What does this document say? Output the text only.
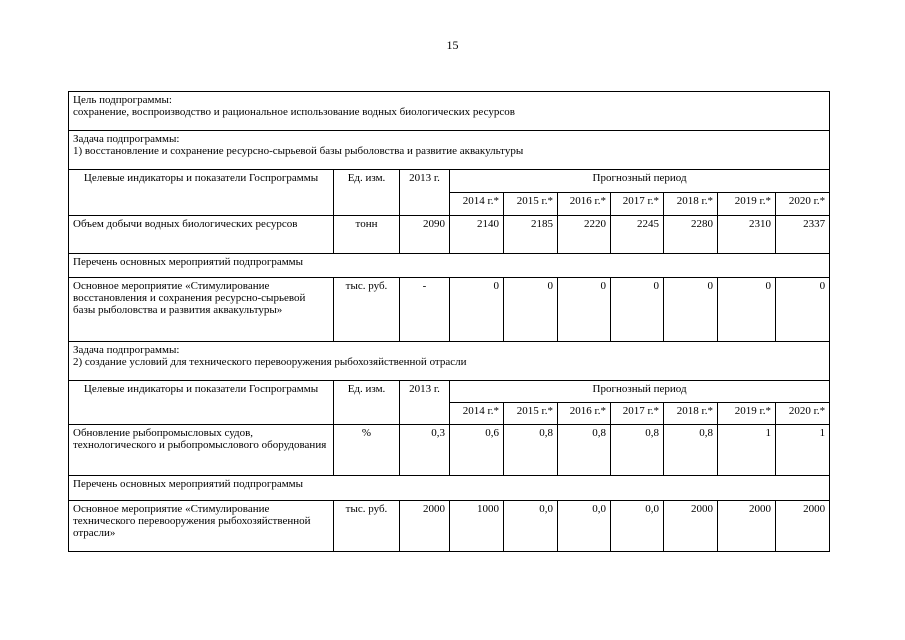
15
Цель подпрограммы:
сохранение, воспроизводство и рациональное использование водных биологических ресурсов									

Задача подпрограммы:
1) восстановление и сохранение ресурсно-сырьевой базы рыболовства и развитие аквакультуры									

Целевые индикаторы и показатели Госпрограммы	Ед. изм.	2013 г.	Прогнозный период						
			2014 г.*	2015 г.*	2016 г.*	2017 г.*	2018 г.*	2019 г.*	2020 г.*
Объем добычи водных биологических ресурсов	тонн	2090	2140	2185	2220	2245	2280	2310	2337
Перечень основных мероприятий подпрограммы									
Основное мероприятие «Стимулирование восстановления и сохранения ресурсно-сырьевой базы рыболовства и развития аквакультуры»	тыс. руб.	-	0	0	0	0	0	0	0

Задача подпрограммы:
2) создание условий для технического перевооружения рыбохозяйственной отрасли									

Целевые индикаторы и показатели Госпрограммы	Ед. изм.	2013 г.	Прогнозный период						
			2014 г.*	2015 г.*	2016 г.*	2017 г.*	2018 г.*	2019 г.*	2020 г.*
Обновление рыбопромысловых судов, технологического и рыбопромыслового оборудования	%	0,3	0,6	0,8	0,8	0,8	0,8	1	1
Перечень основных мероприятий подпрограммы									
Основное мероприятие «Стимулирование технического перевооружения рыбохозяйственной отрасли»	тыс. руб.	2000	1000	0,0	0,0	0,0	2000	2000	2000
